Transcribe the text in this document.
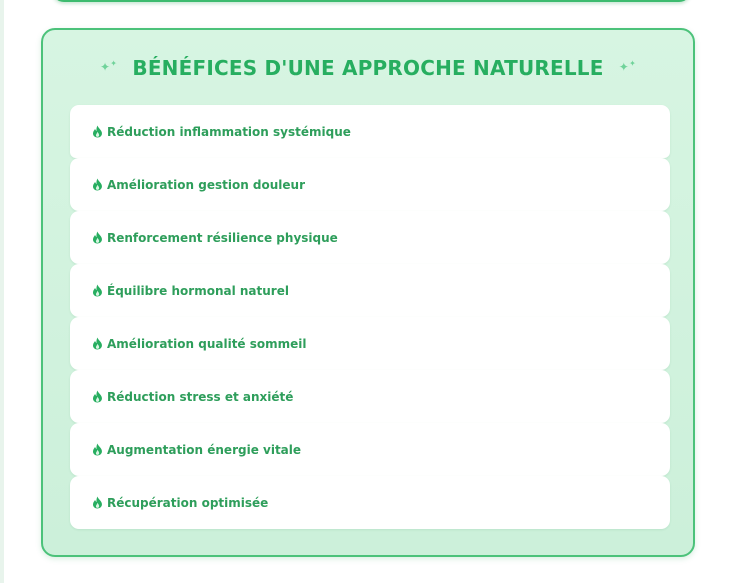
✦✦ BÉNÉFICES D'UNE APPROCHE NATURELLE ✦✦
Réduction inflammation systémique
Amélioration gestion douleur
Renforcement résilience physique
Équilibre hormonal naturel
Amélioration qualité sommeil
Réduction stress et anxiété
Augmentation énergie vitale
Récupération optimisée
